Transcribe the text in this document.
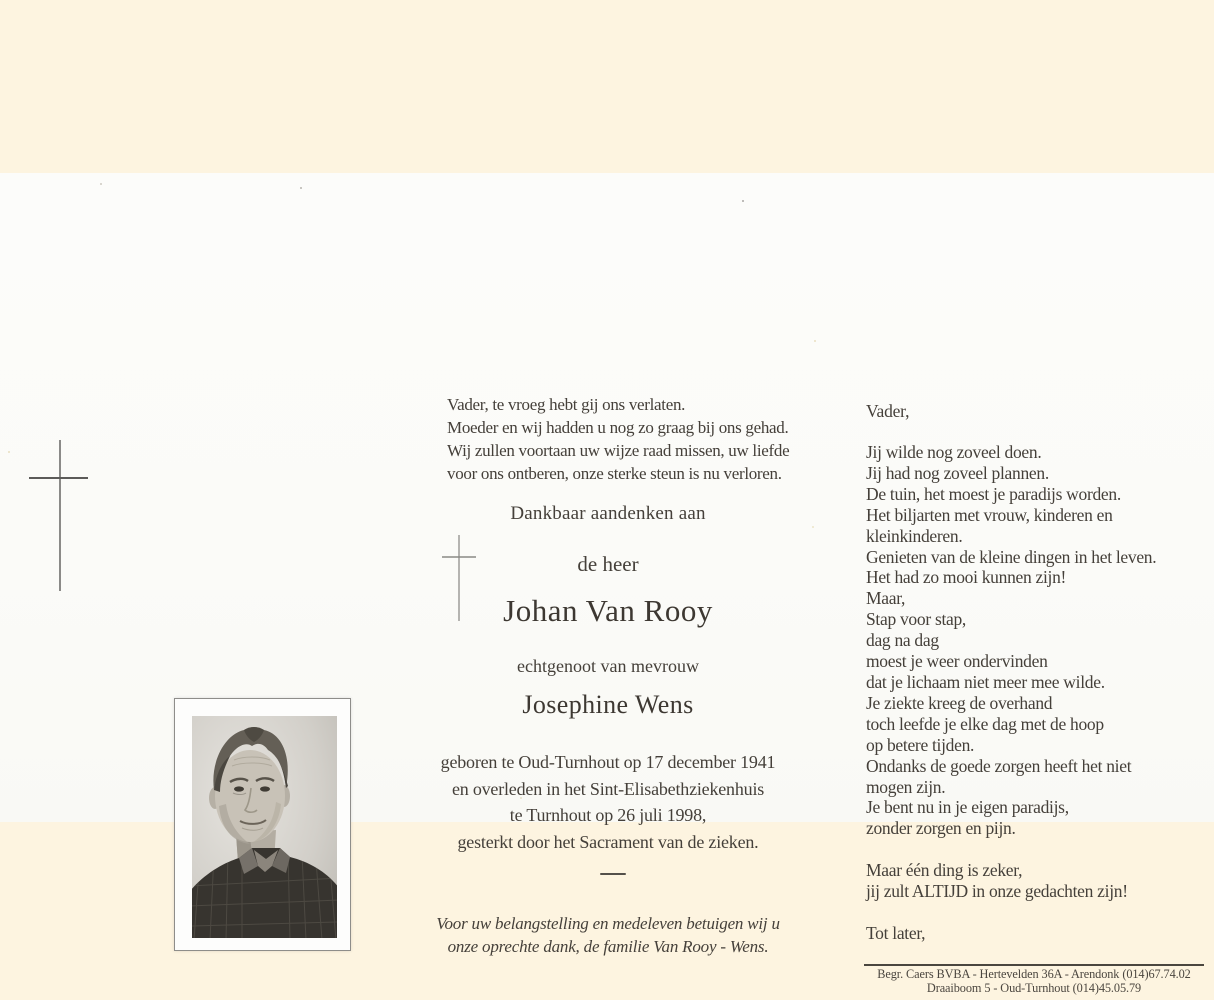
Vader, te vroeg hebt gij ons verlaten.
Moeder en wij hadden u nog zo graag bij ons gehad.
Wij zullen voortaan uw wijze raad missen, uw liefde
voor ons ontberen, onze sterke steun is nu verloren.
Dankbaar aandenken aan
de heer
Johan Van Rooy
echtgenoot van mevrouw
Josephine Wens
geboren te Oud-Turnhout op 17 december 1941
en overleden in het Sint-Elisabethziekenhuis
te Turnhout op 26 juli 1998,
gesterkt door het Sacrament van de zieken.
Voor uw belangstelling en medeleven betuigen wij u
onze oprechte dank, de familie Van Rooy - Wens.
Vader,
Jij wilde nog zoveel doen.
Jij had nog zoveel plannen.
De tuin, het moest je paradijs worden.
Het biljarten met vrouw, kinderen en
kleinkinderen.
Genieten van de kleine dingen in het leven.
Het had zo mooi kunnen zijn!
Maar,
Stap voor stap,
dag na dag
moest je weer ondervinden
dat je lichaam niet meer mee wilde.
Je ziekte kreeg de overhand
toch leefde je elke dag met de hoop
op betere tijden.
Ondanks de goede zorgen heeft het niet
mogen zijn.
Je bent nu in je eigen paradijs,
zonder zorgen en pijn.

Maar één ding is zeker,
jij zult ALTIJD in onze gedachten zijn!

Tot later,
Begr. Caers BVBA - Hertevelden 36A - Arendonk (014)67.74.02
Draaiboom 5 - Oud-Turnhout (014)45.05.79
